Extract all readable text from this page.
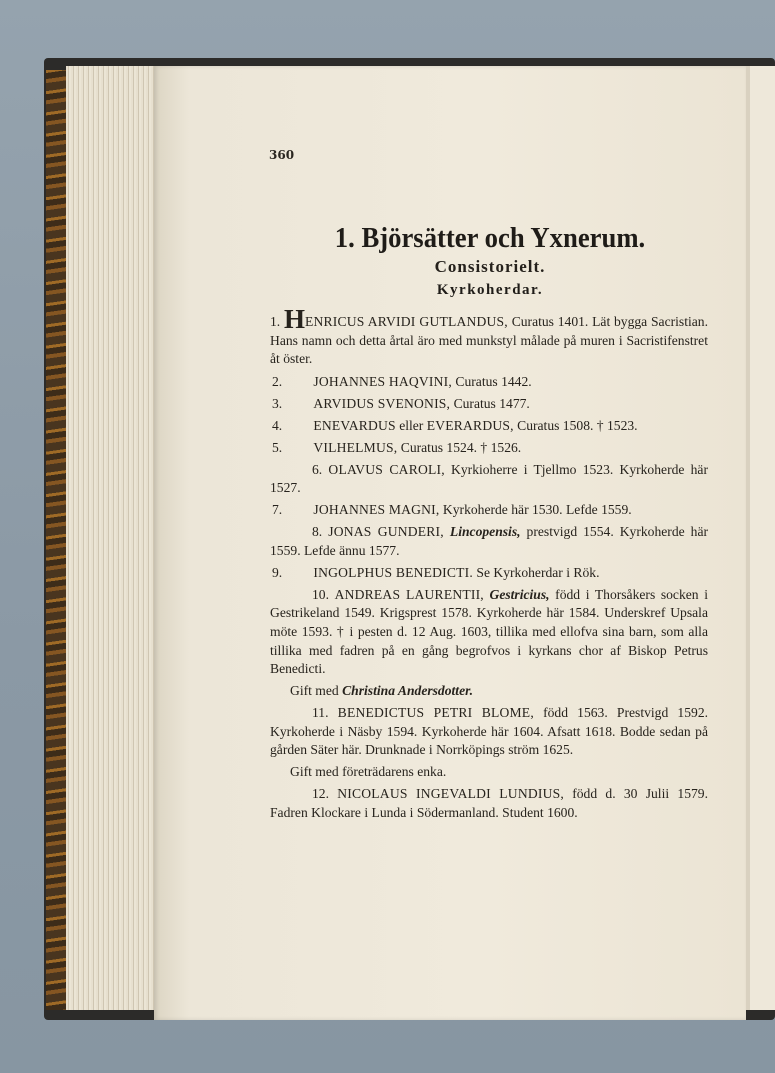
360
1. Björsätter och Yxnerum.
Consistorielt.
Kyrkoherdar.

1. HENRICUS ARVIDI GUTLANDUS, Curatus 1401. Lät bygga Sacristian. Hans namn och detta årtal äro med munkstyl målade på muren i Sacristifenstret åt öster.

2. JOHANNES HAQVINI, Curatus 1442.

3. ARVIDUS SVENONIS, Curatus 1477.

4. ENEVARDUS eller EVERARDUS, Curatus 1508. † 1523.

5. VILHELMUS, Curatus 1524. † 1526.

6. OLAVUS CAROLI, Kyrkioherre i Tjellmo 1523. Kyrkoherde här 1527.

7. JOHANNES MAGNI, Kyrkoherde här 1530. Lefde 1559.

8. JONAS GUNDERI, Lincopensis, prestvigd 1554. Kyrkoherde här 1559. Lefde ännu 1577.

9. INGOLPHUS BENEDICTI. Se Kyrkoherdar i Rök.

10. ANDREAS LAURENTII, Gestricius, född i Thorsåkers socken i Gestrikeland 1549. Krigsprest 1578. Kyrkoherde här 1584. Underskref Upsala möte 1593. † i pesten d. 12 Aug. 1603, tillika med ellofva sina barn, som alla tillika med fadren på en gång begrofvos i kyrkans chor af Biskop Petrus Benedicti.

Gift med Christina Andersdotter.

11. BENEDICTUS PETRI BLOME, född 1563. Prestvigd 1592. Kyrkoherde i Näsby 1594. Kyrkoherde här 1604. Afsatt 1618. Bodde sedan på gården Säter här. Drunknade i Norrköpings ström 1625.

Gift med företrädarens enka.

12. NICOLAUS INGEVALDI LUNDIUS, född d. 30 Julii 1579. Fadren Klockare i Lunda i Södermanland. Student 1600.
